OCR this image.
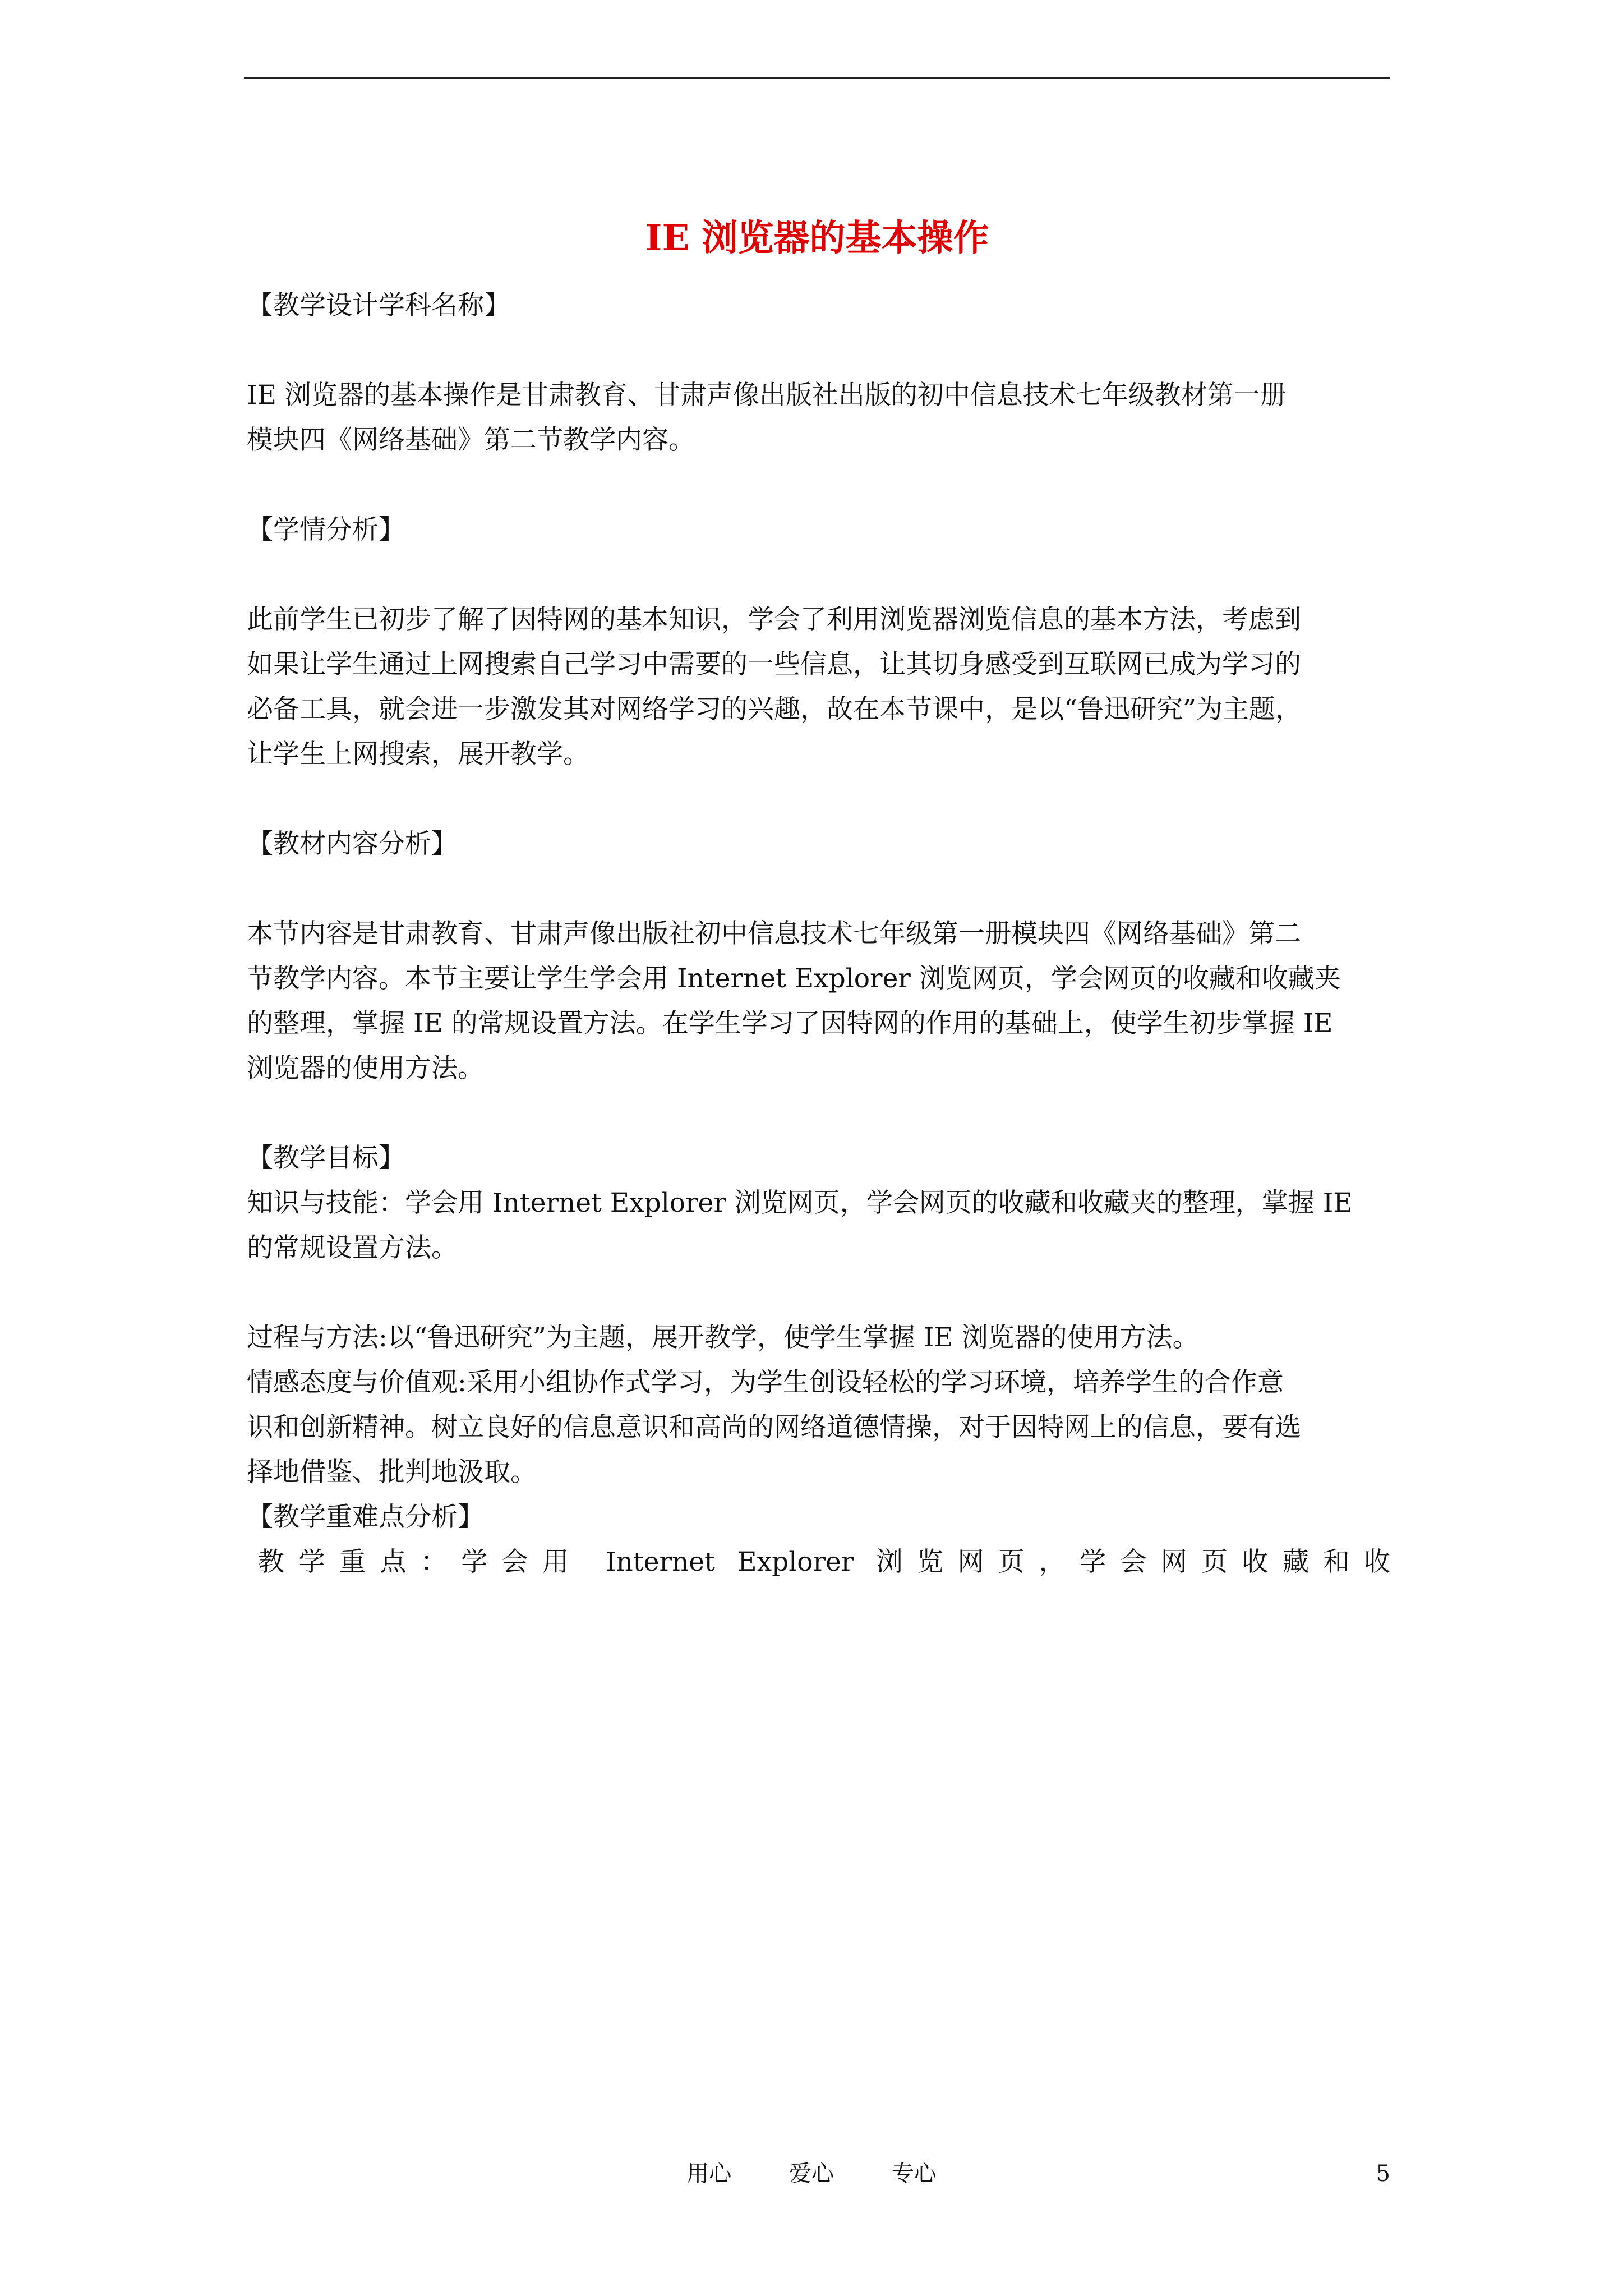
IE 浏览器的基本操作

【教学设计学科名称】

IE 浏览器的基本操作是甘肃教育、甘肃声像出版社出版的初中信息技术七年级教材第一册

模块四《网络基础》第二节教学内容。

【学情分析】

此前学生已初步了解了因特网的基本知识，学会了利用浏览器浏览信息的基本方法，考虑到

如果让学生通过上网搜索自己学习中需要的一些信息，让其切身感受到互联网已成为学习的

必备工具，就会进一步激发其对网络学习的兴趣，故在本节课中，是以“鲁迅研究”为主题，

让学生上网搜索，展开教学。

【教材内容分析】

本节内容是甘肃教育、甘肃声像出版社初中信息技术七年级第一册模块四《网络基础》第二

节教学内容。本节主要让学生学会用 Internet Explorer 浏览网页，学会网页的收藏和收藏夹

的整理，掌握 IE 的常规设置方法。在学生学习了因特网的作用的基础上，使学生初步掌握 IE

浏览器的使用方法。

【教学目标】

知识与技能：学会用 Internet Explorer 浏览网页，学会网页的收藏和收藏夹的整理，掌握 IE

的常规设置方法。

过程与方法:以“鲁迅研究”为主题，展开教学，使学生掌握 IE 浏览器的使用方法。

情感态度与价值观:采用小组协作式学习，为学生创设轻松的学习环境，培养学生的合作意

识和创新精神。树立良好的信息意识和高尚的网络道德情操，对于因特网上的信息，要有选

择地借鉴、批判地汲取。

【教学重难点分析】

教学重点：学会用 Internet Explorer 浏览网页，学会网页收藏和收

用心	爱心	专心	5
